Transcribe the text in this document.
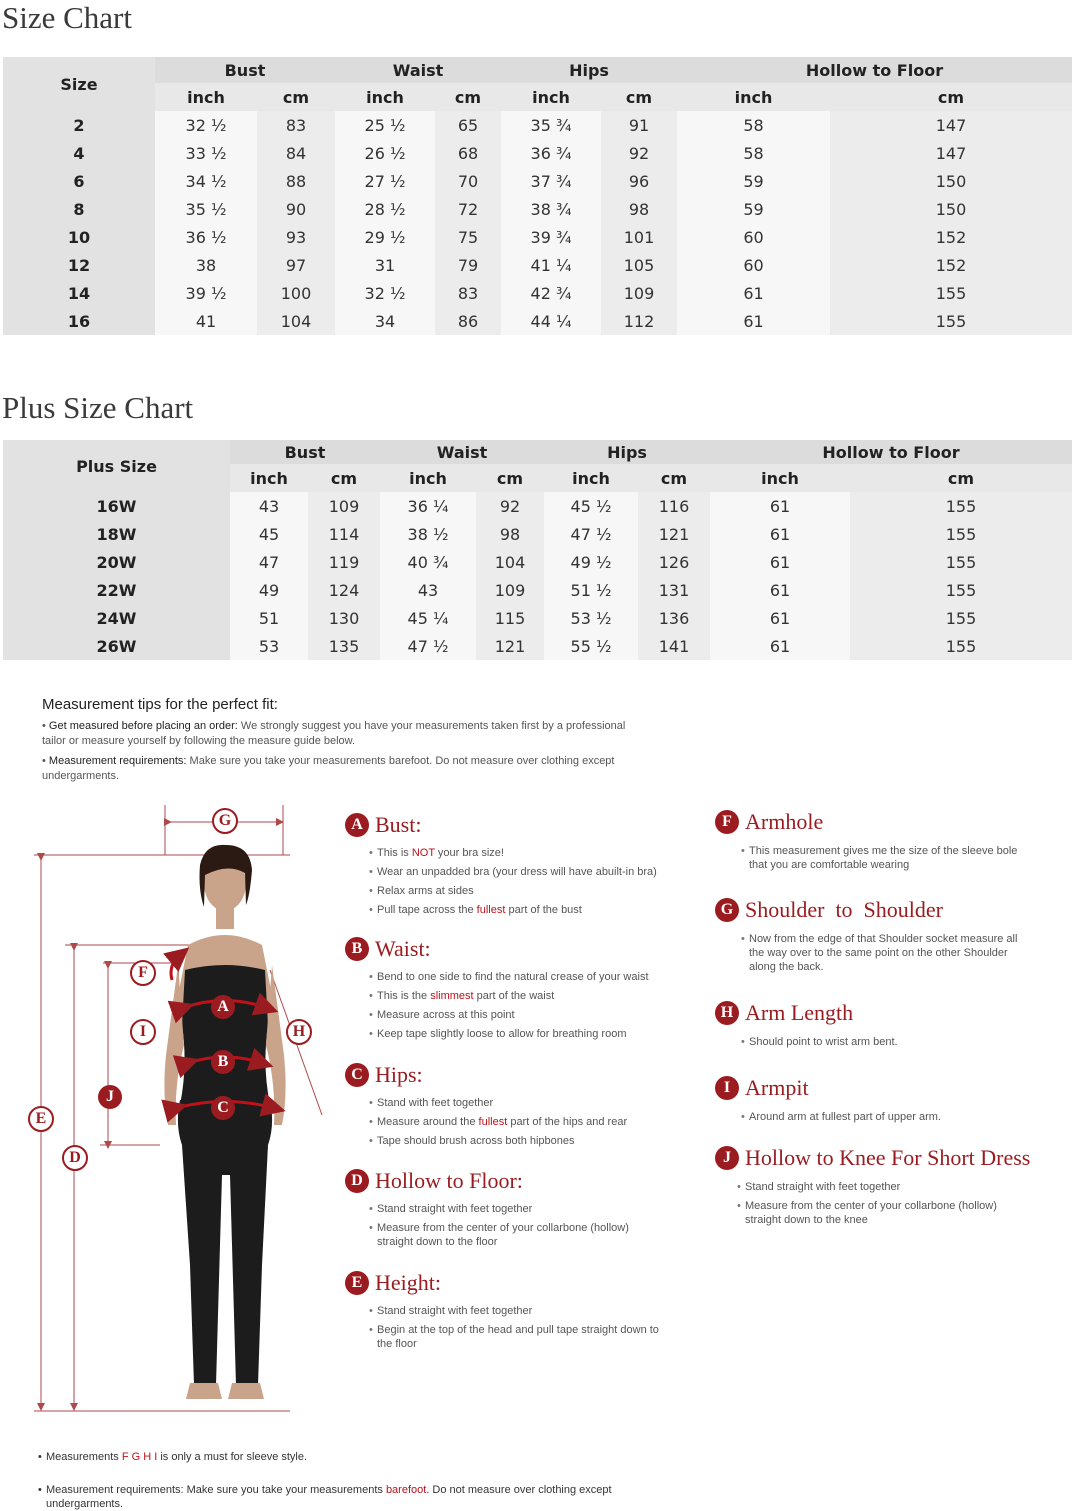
Size Chart
Size	Bust		Waist		Hips		Hollow to Floor	
	inch	cm	inch	cm	inch	cm	inch	cm
2	32 ½	83	25 ½	65	35 ¾	91	58	147
4	33 ½	84	26 ½	68	36 ¾	92	58	147
6	34 ½	88	27 ½	70	37 ¾	96	59	150
8	35 ½	90	28 ½	72	38 ¾	98	59	150
10	36 ½	93	29 ½	75	39 ¾	101	60	152
12	38	97	31	79	41 ¼	105	60	152
14	39 ½	100	32 ½	83	42 ¾	109	61	155
16	41	104	34	86	44 ¼	112	61	155
Plus Size Chart
Plus Size	Bust		Waist		Hips		Hollow to Floor	
	inch	cm	inch	cm	inch	cm	inch	cm
16W	43	109	36 ¼	92	45 ½	116	61	155
18W	45	114	38 ½	98	47 ½	121	61	155
20W	47	119	40 ¾	104	49 ½	126	61	155
22W	49	124	43	109	51 ½	131	61	155
24W	51	130	45 ¼	115	53 ½	136	61	155
26W	53	135	47 ½	121	55 ½	141	61	155
Measurement tips for the perfect fit:
• Get measured before placing an order: We strongly suggest you have your measurements taken first by a professional tailor or measure yourself by following the measure guide below.
• Measurement requirements: Make sure you take your measurements barefoot. Do not measure over clothing except undergarments.
G
F
I	H
A
B
C
J
E
D
A Bust:
• This is NOT your bra size!
• Wear an unpadded bra (your dress will have abuilt-in bra)
• Relax arms at sides
• Pull tape across the fullest part of the bust
B Waist:
• Bend to one side to find the natural crease of your waist
• This is the slimmest part of the waist
• Measure across at this point
• Keep tape slightly loose to allow for breathing room
C Hips:
• Stand with feet together
• Measure around the fullest part of the hips and rear
• Tape should brush across both hipbones
D Hollow to Floor:
• Stand straight with feet together
• Measure from the center of your collarbone (hollow) straight down to the floor
E Height:
• Stand straight with feet together
• Begin at the top of the head and pull tape straight down to the floor
F Armhole
• This measurement gives me the size of the sleeve bole that you are comfortable wearing
G Shoulder  to  Shoulder
• Now from the edge of that Shoulder socket measure all the way over to the same point on the other Shoulder along the back.
H Arm Length
• Should point to wrist arm bent.
I Armpit
• Around arm at fullest part of upper arm.
J Hollow to Knee For Short Dress
• Stand straight with feet together
• Measure from the center of your collarbone (hollow) straight down to the knee
• Measurements F G H I is only a must for sleeve style.
• Measurement requirements: Make sure you take your measurements barefoot. Do not measure over clothing except undergarments.
